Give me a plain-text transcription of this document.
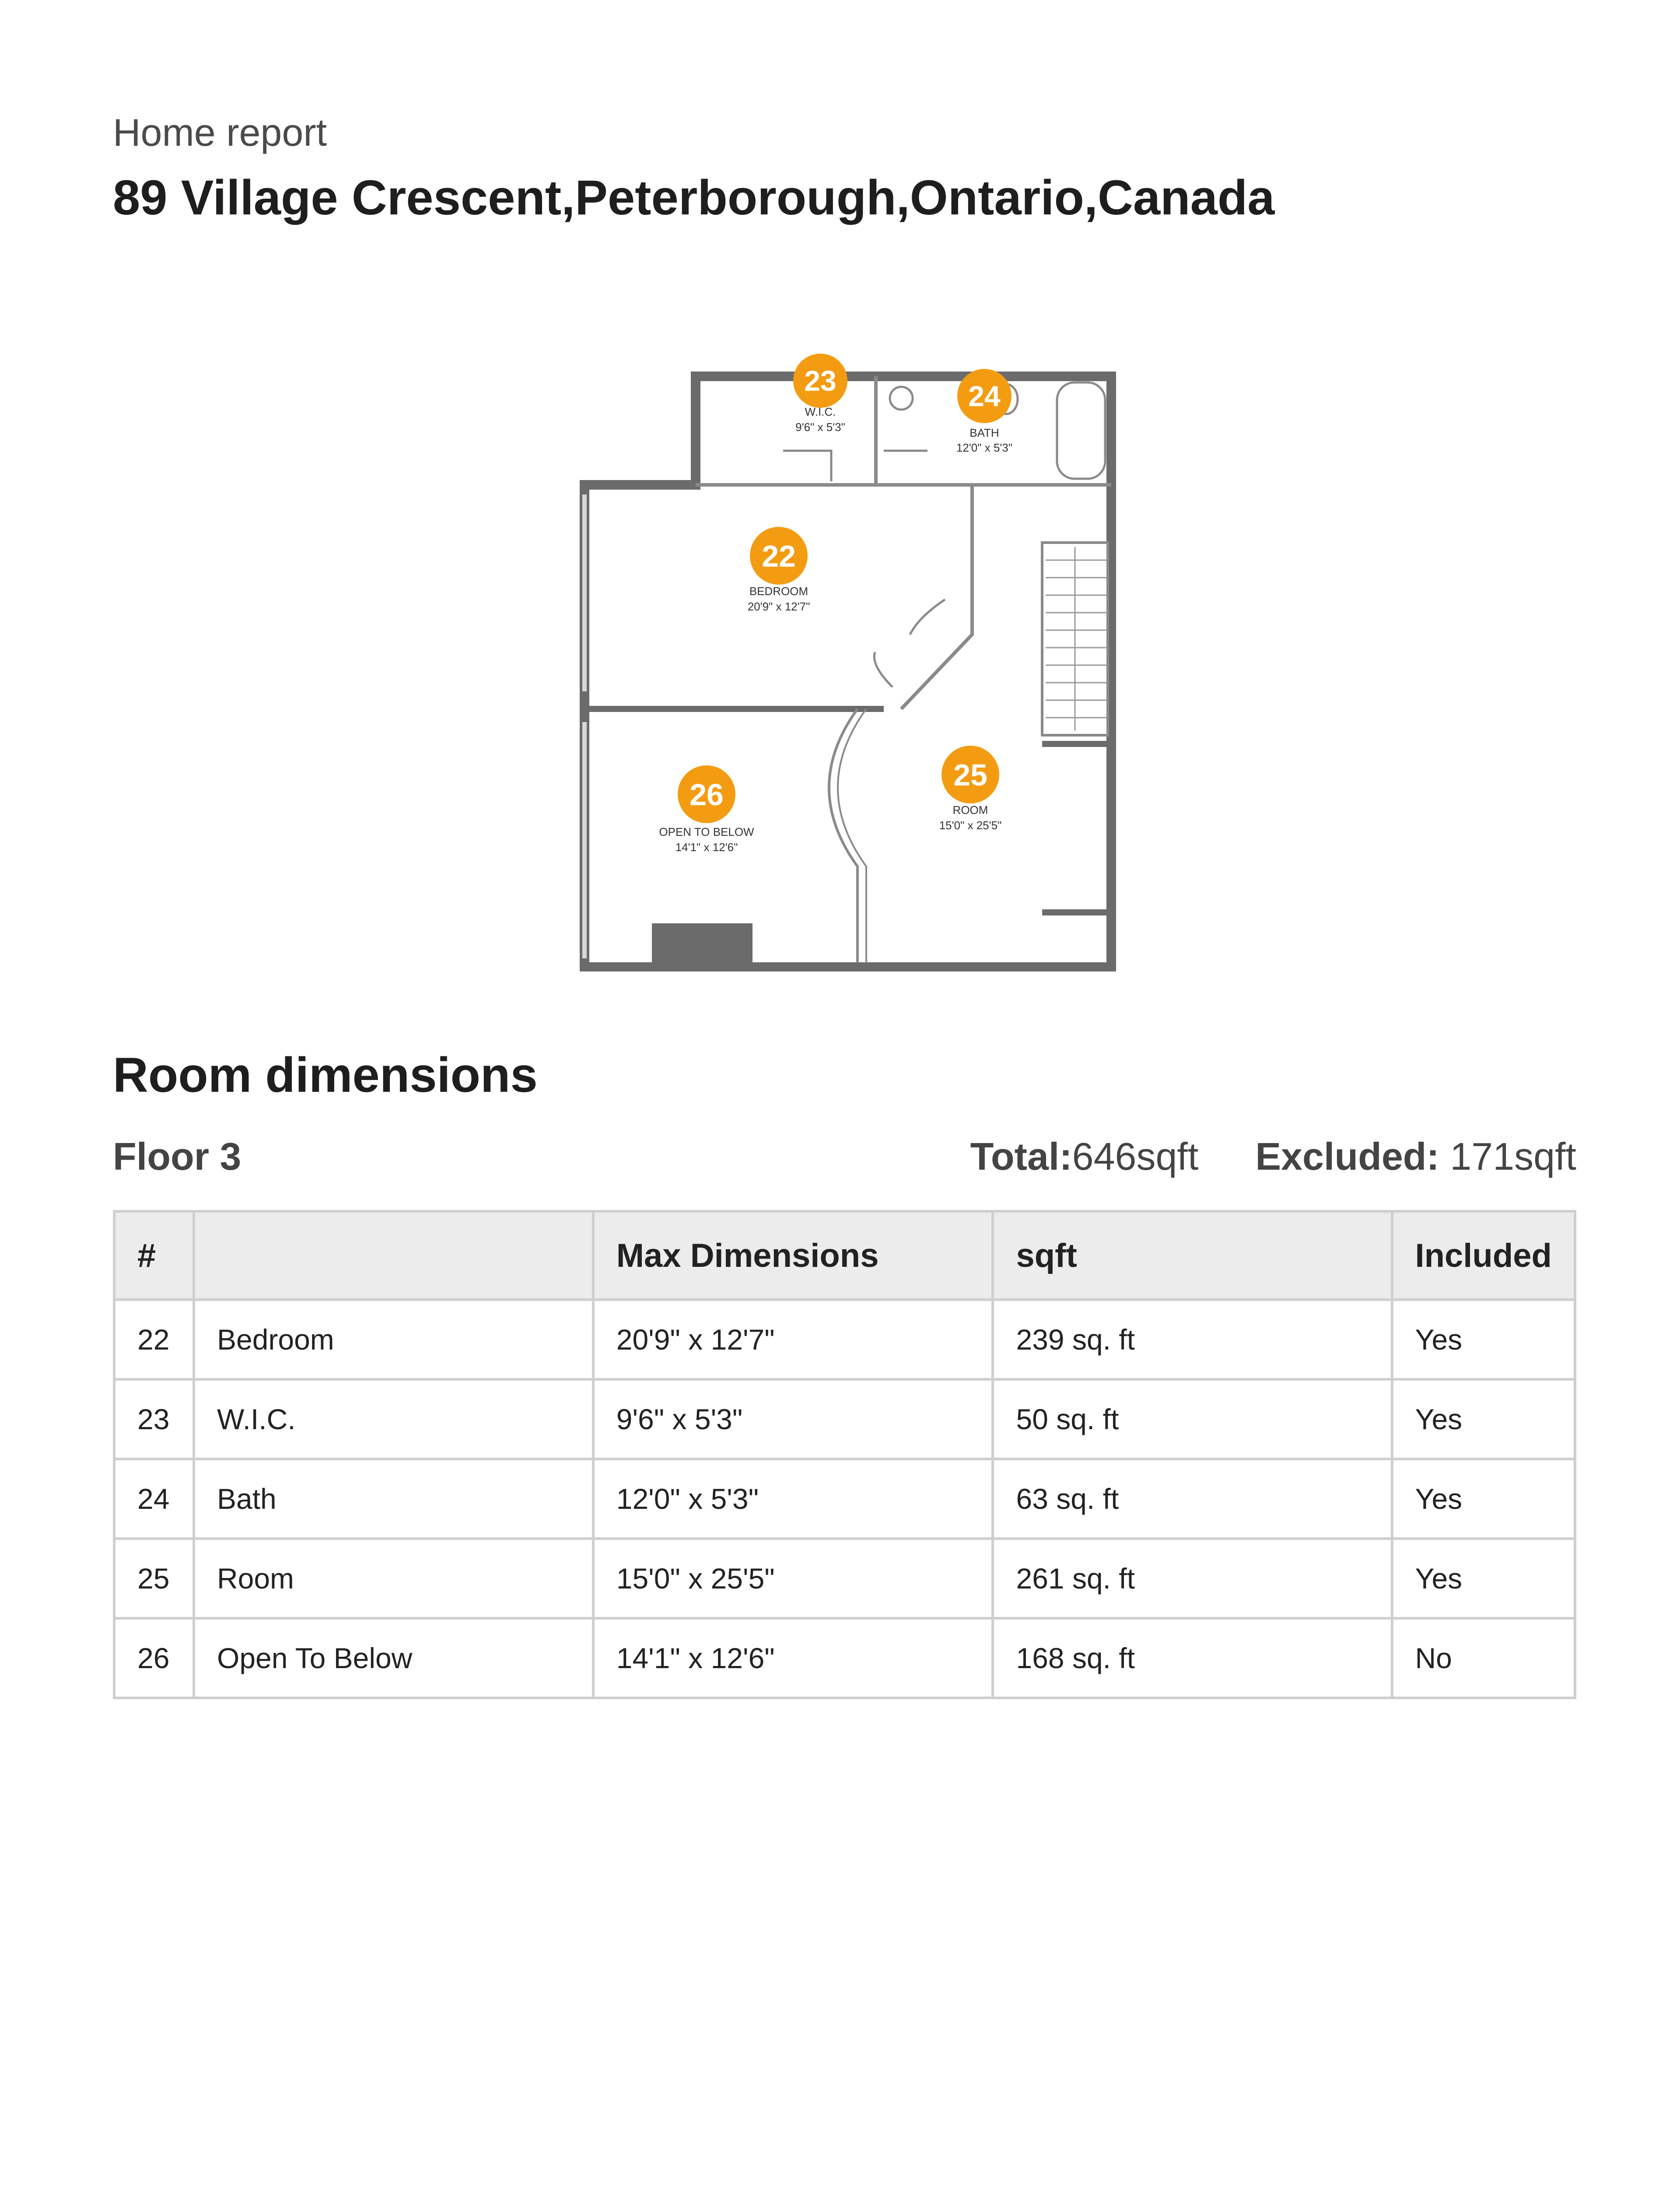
Home report
89 Village Crescent,Peterborough,Ontario,Canada
23
W.I.C.
9'6" x 5'3"
24
BATH
12'0" x 5'3"
22
BEDROOM
20'9" x 12'7"
25
ROOM
15'0" x 25'5"
26
OPEN TO BELOW
14'1" x 12'6"
Room dimensions
Floor 3	Total:646sqft Excluded: 171sqft
#		Max Dimensions	sqft	Included
22	Bedroom	20'9" x 12'7"	239 sq. ft	Yes
23	W.I.C.	9'6" x 5'3"	50 sq. ft	Yes
24	Bath	12'0" x 5'3"	63 sq. ft	Yes
25	Room	15'0" x 25'5"	261 sq. ft	Yes
26	Open To Below	14'1" x 12'6"	168 sq. ft	No
